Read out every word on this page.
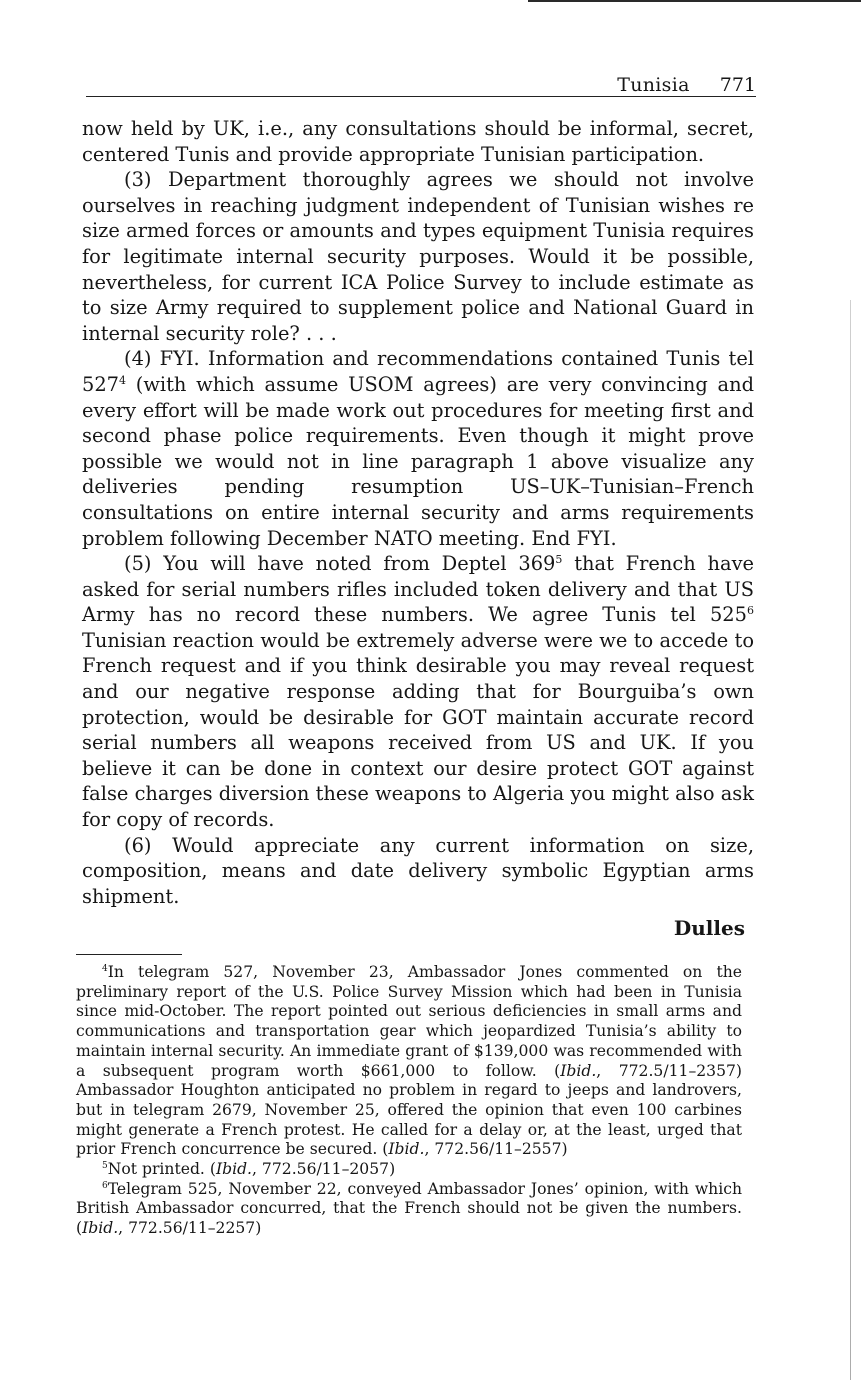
Tunisia 771

now held by UK, i.e., any consultations should be informal, secret, centered Tunis and provide appropriate Tunisian participation.

(3) Department thoroughly agrees we should not involve ourselves in reaching judgment independent of Tunisian wishes re size armed forces or amounts and types equipment Tunisia requires for legitimate internal security purposes. Would it be possible, nevertheless, for current ICA Police Survey to include estimate as to size Army required to supplement police and National Guard in internal security role? . . .

(4) FYI. Information and recommendations contained Tunis tel $527^4$ (with which assume USOM agrees) are very convincing and every effort will be made work out procedures for meeting first and second phase police requirements. Even though it might prove possible we would not in line paragraph 1 above visualize any deliveries pending resumption US–UK–Tunisian–French consultations on entire internal security and arms requirements problem following December NATO meeting. End FYI.

(5) You will have noted from Deptel $369^5$ that French have asked for serial numbers rifles included token delivery and that US Army has no record these numbers. We agree Tunis tel $525^6$ Tunisian reaction would be extremely adverse were we to accede to French request and if you think desirable you may reveal request and our negative response adding that for Bourguiba’s own protection, would be desirable for GOT maintain accurate record serial numbers all weapons received from US and UK. If you believe it can be done in context our desire protect GOT against false charges diversion these weapons to Algeria you might also ask for copy of records.

(6) Would appreciate any current information on size, composition, means and date delivery symbolic Egyptian arms shipment.

Dulles

$^4$In telegram 527, November 23, Ambassador Jones commented on the preliminary report of the U.S. Police Survey Mission which had been in Tunisia since mid-October. The report pointed out serious deficiencies in small arms and communications and transportation gear which jeopardized Tunisia’s ability to maintain internal security. An immediate grant of $139,000 was recommended with a subsequent program worth $661,000 to follow. (Ibid., 772.5/11–2357) Ambassador Houghton anticipated no problem in regard to jeeps and landrovers, but in telegram 2679, November 25, offered the opinion that even 100 carbines might generate a French protest. He called for a delay or, at the least, urged that prior French concurrence be secured. (Ibid., 772.56/11–2557)

$^5$Not printed. (Ibid., 772.56/11–2057)

$^6$Telegram 525, November 22, conveyed Ambassador Jones’ opinion, with which British Ambassador concurred, that the French should not be given the numbers. (Ibid., 772.56/11–2257)
